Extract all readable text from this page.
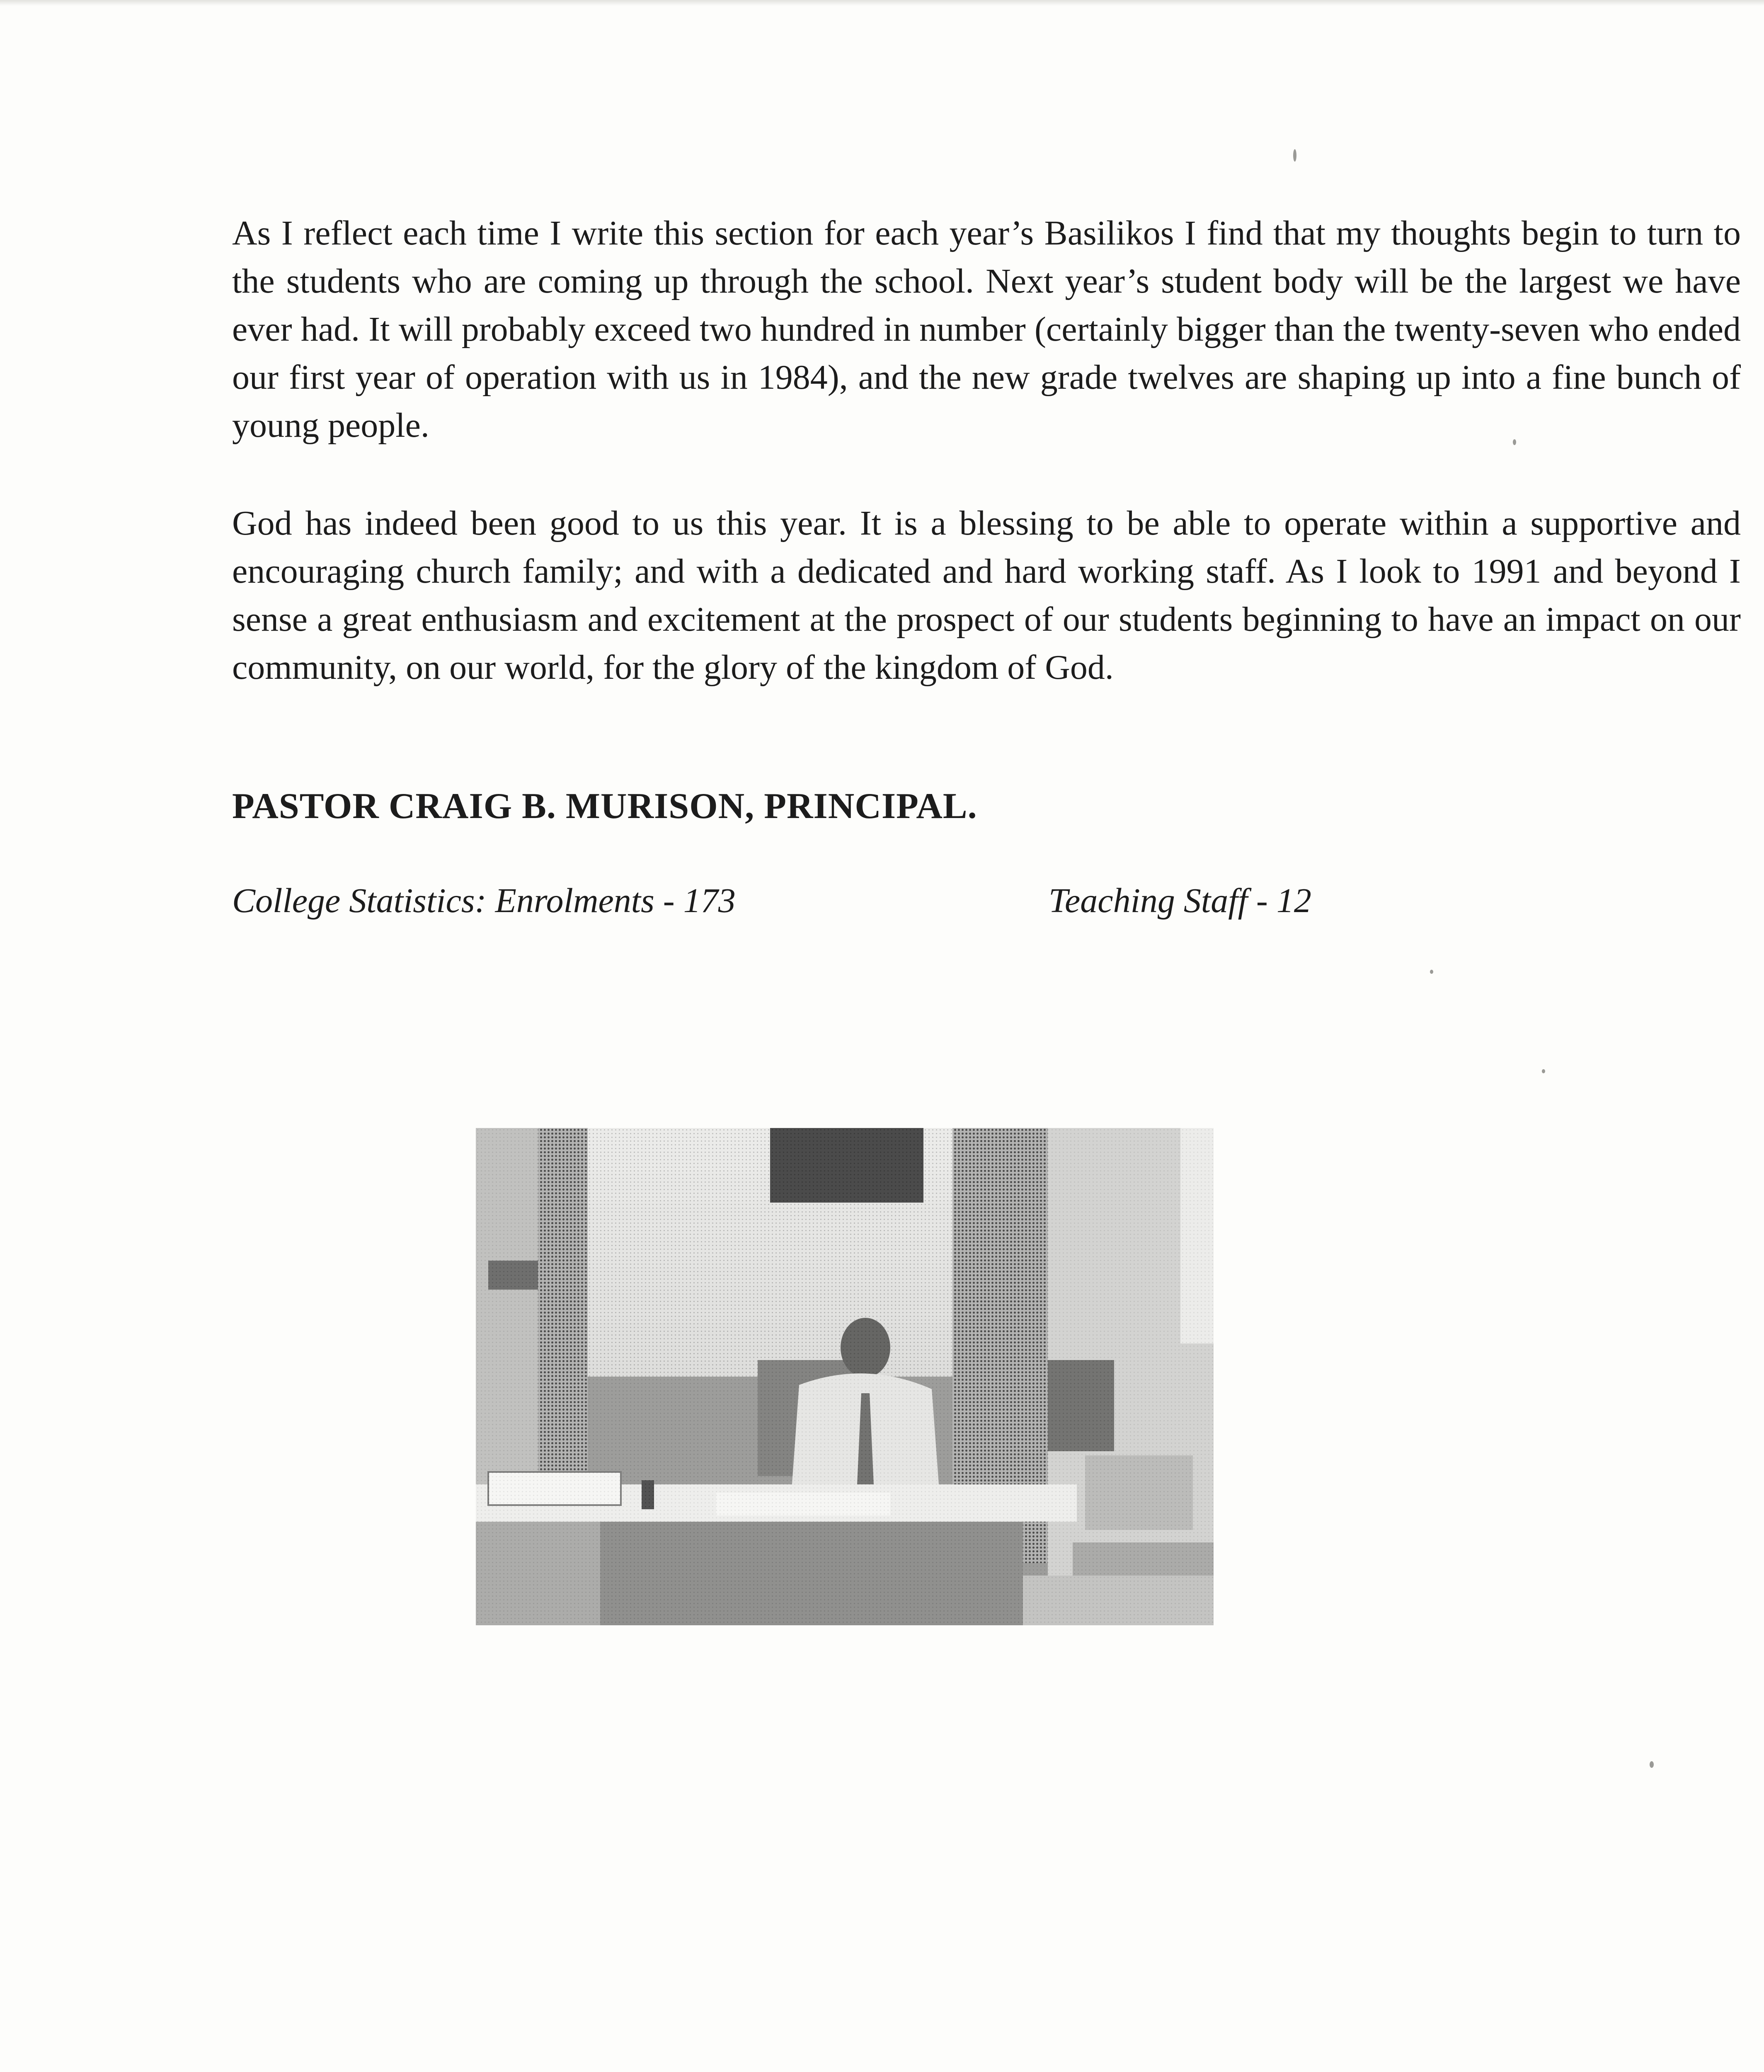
As I reflect each time I write this section for each year’s Basilikos I find that my thoughts begin to turn to the students who are coming up through the school. Next year’s student body will be the largest we have ever had. It will probably exceed two hundred in number (certainly bigger than the twenty-seven who ended our first year of operation with us in 1984), and the new grade twelves are shaping up into a fine bunch of young people.

God has indeed been good to us this year. It is a blessing to be able to operate within a supportive and encouraging church family; and with a dedicated and hard working staff. As I look to 1991 and beyond I sense a great enthusiasm and excitement at the prospect of our students beginning to have an impact on our community, on our world, for the glory of the kingdom of God.

PASTOR CRAIG B. MURISON, PRINCIPAL.

College Statistics: Enrolments - 173	Teaching Staff - 12
